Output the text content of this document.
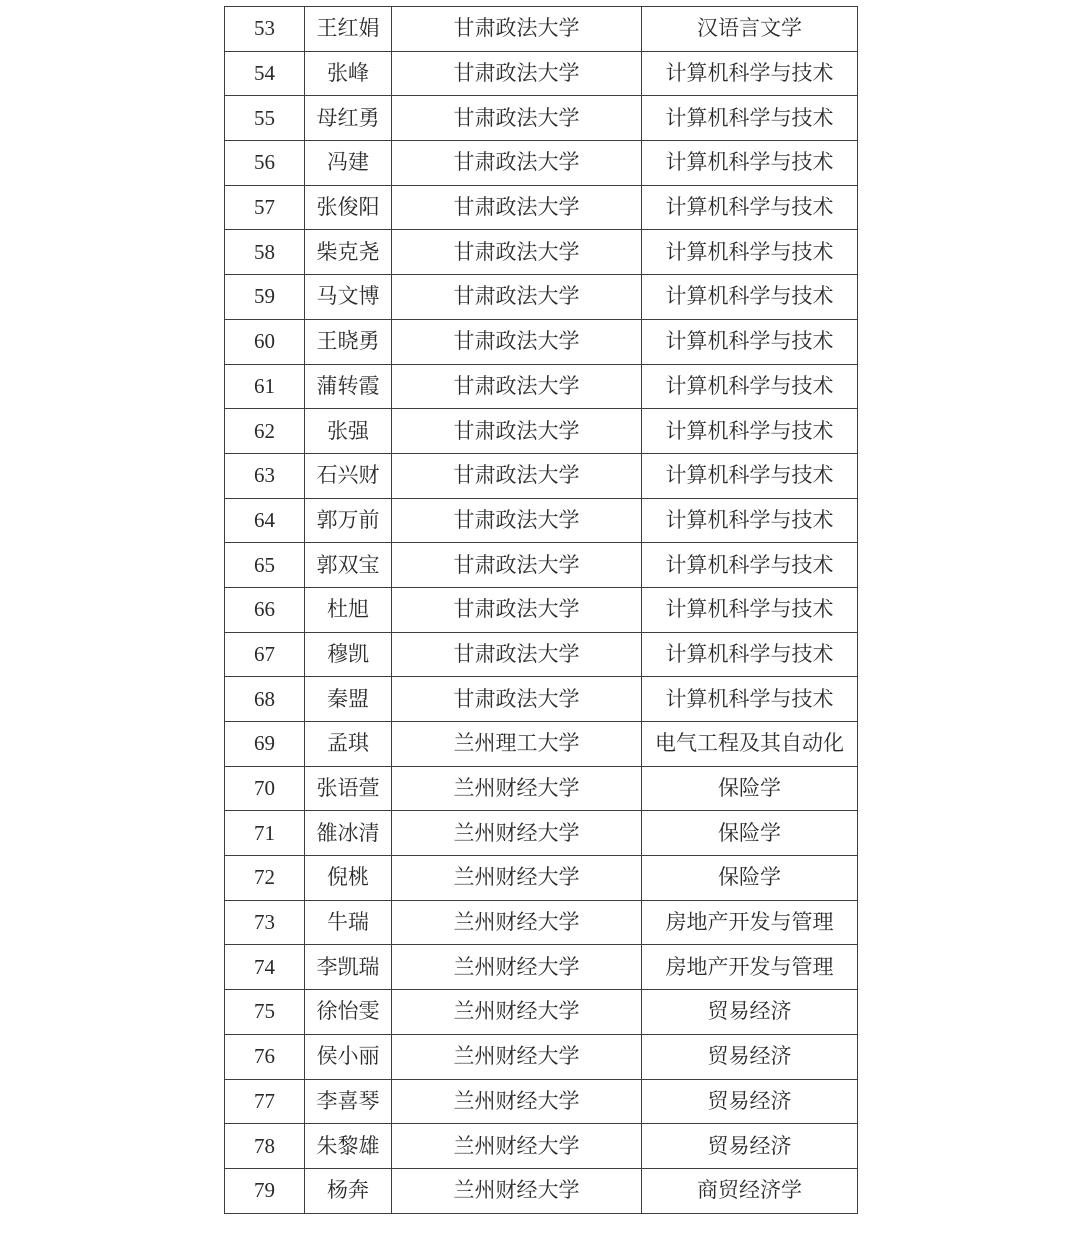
53	王红娟	甘肃政法大学	汉语言文学
54	张峰	甘肃政法大学	计算机科学与技术
55	母红勇	甘肃政法大学	计算机科学与技术
56	冯建	甘肃政法大学	计算机科学与技术
57	张俊阳	甘肃政法大学	计算机科学与技术
58	柴克尧	甘肃政法大学	计算机科学与技术
59	马文博	甘肃政法大学	计算机科学与技术
60	王晓勇	甘肃政法大学	计算机科学与技术
61	蒲转霞	甘肃政法大学	计算机科学与技术
62	张强	甘肃政法大学	计算机科学与技术
63	石兴财	甘肃政法大学	计算机科学与技术
64	郭万前	甘肃政法大学	计算机科学与技术
65	郭双宝	甘肃政法大学	计算机科学与技术
66	杜旭	甘肃政法大学	计算机科学与技术
67	穆凯	甘肃政法大学	计算机科学与技术
68	秦盟	甘肃政法大学	计算机科学与技术
69	孟琪	兰州理工大学	电气工程及其自动化
70	张语萱	兰州财经大学	保险学
71	雒冰清	兰州财经大学	保险学
72	倪桃	兰州财经大学	保险学
73	牛瑞	兰州财经大学	房地产开发与管理
74	李凯瑞	兰州财经大学	房地产开发与管理
75	徐怡雯	兰州财经大学	贸易经济
76	侯小丽	兰州财经大学	贸易经济
77	李喜琴	兰州财经大学	贸易经济
78	朱黎雄	兰州财经大学	贸易经济
79	杨奔	兰州财经大学	商贸经济学
